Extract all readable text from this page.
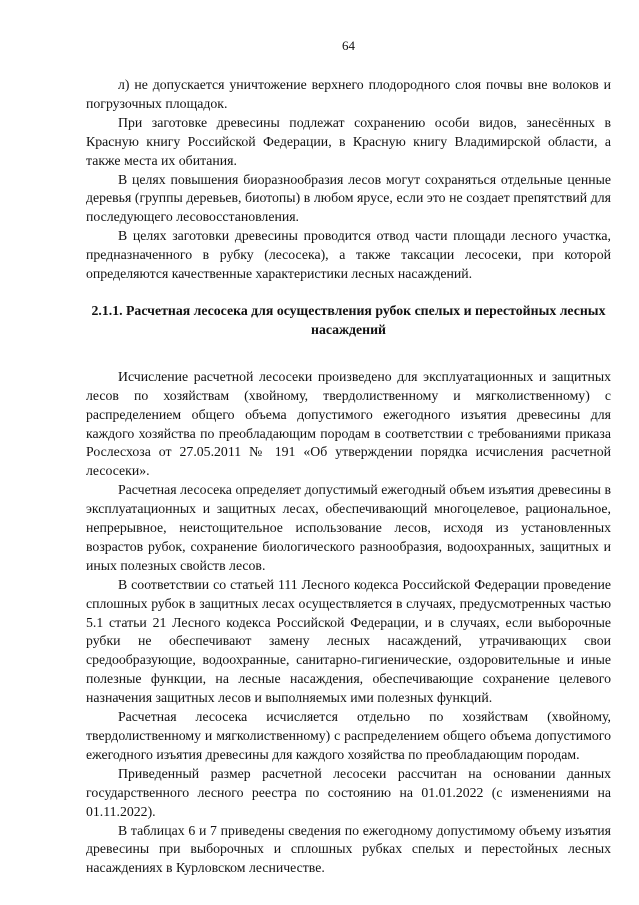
64

л) не допускается уничтожение верхнего плодородного слоя почвы вне волоков и погрузочных площадок.

При заготовке древесины подлежат сохранению особи видов, занесённых в Красную книгу Российской Федерации, в Красную книгу Владимирской области, а также места их обитания.

В целях повышения биоразнообразия лесов могут сохраняться отдельные ценные деревья (группы деревьев, биотопы) в любом ярусе, если это не создает препятствий для последующего лесовосстановления.

В целях заготовки древесины проводится отвод части площади лесного участка, предназначенного в рубку (лесосека), а также таксации лесосеки, при которой определяются качественные характеристики лесных насаждений.

2.1.1. Расчетная лесосека для осуществления рубок спелых и перестойных лесных насаждений

Исчисление расчетной лесосеки произведено для эксплуатационных и защитных лесов по хозяйствам (хвойному, твердолиственному и мягколиственному) с распределением общего объема допустимого ежегодного изъятия древесины для каждого хозяйства по преобладающим породам в соответствии с требованиями приказа Рослесхоза от 27.05.2011 № 191 «Об утверждении порядка исчисления расчетной лесосеки».

Расчетная лесосека определяет допустимый ежегодный объем изъятия древесины в эксплуатационных и защитных лесах, обеспечивающий многоцелевое, рациональное, непрерывное, неистощительное использование лесов, исходя из установленных возрастов рубок, сохранение биологического разнообразия, водоохранных, защитных и иных полезных свойств лесов.

В соответствии со статьей 111 Лесного кодекса Российской Федерации проведение сплошных рубок в защитных лесах осуществляется в случаях, предусмотренных частью 5.1 статьи 21 Лесного кодекса Российской Федерации, и в случаях, если выборочные рубки не обеспечивают замену лесных насаждений, утрачивающих свои средообразующие, водоохранные, санитарно-гигиенические, оздоровительные и иные полезные функции, на лесные насаждения, обеспечивающие сохранение целевого назначения защитных лесов и выполняемых ими полезных функций.

Расчетная лесосека исчисляется отдельно по хозяйствам (хвойному, твердолиственному и мягколиственному) с распределением общего объема допустимого ежегодного изъятия древесины для каждого хозяйства по преобладающим породам.

Приведенный размер расчетной лесосеки рассчитан на основании данных государственного лесного реестра по состоянию на 01.01.2022 (с изменениями на 01.11.2022).

В таблицах 6 и 7 приведены сведения по ежегодному допустимому объему изъятия древесины при выборочных и сплошных рубках спелых и перестойных лесных насаждениях в Курловском лесничестве.
